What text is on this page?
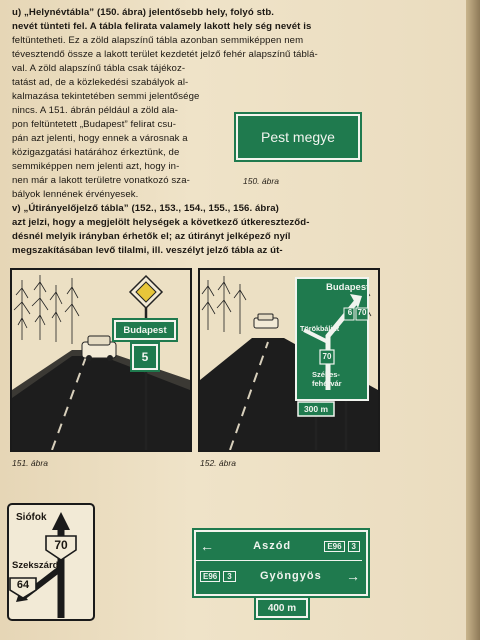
u) „Helynévtábla” (150. ábra) jelentősebb hely, folyó stb.
nevét tünteti fel. A tábla felirata valamely lakott hely ség nevét is
feltüntetheti. Ez a zöld alapszínű tábla azonban semmiképpen nem
tévesztendő össze a lakott terület kezdetét jelző fehér alapszínű táblá-
val. A zöld alapszínű tábla csak tájékoz-
tatást ad, de a közlekedési szabályok al-
kalmazása tekintetében semmi jelentősége
nincs. A 151. ábrán például a zöld ala-
pon feltüntetett „Budapest” felirat csu-
pán azt jelenti, hogy ennek a városnak a
közigazgatási határához érkeztünk, de
semmiképpen nem jelenti azt, hogy in-
nen már a lakott területre vonatkozó sza-
bályok lennének érvényesek.
Pest megye
150. ábra
v) „Útirányelőjelző tábla” (152., 153., 154., 155., 156. ábra)
azt jelzi, hogy a megjelölt helységek a következő útkereszteződ-
désnél melyik irányban érhetők el; az útirányt jelképező nyíl
megszakításában levő tilalmi, ill. veszélyt jelző tábla az út-
Budapest
5
151. ábra
Budapest
6 70
Törökbálint
70
Székes-
fehérvár
300 m
152. ábra
Siófok
70
Szekszárd
64
←	Aszód	E96	3
E96	3	Gyöngyös	→
400 m
